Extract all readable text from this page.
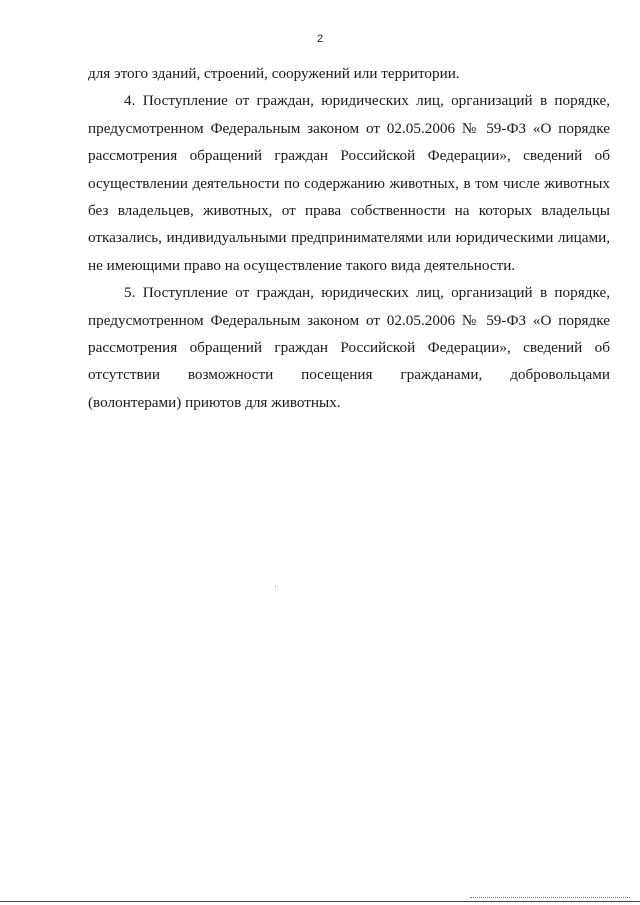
2

для этого зданий, строений, сооружений или территории.

4. Поступление от граждан, юридических лиц, организаций в порядке, предусмотренном Федеральным законом от 02.05.2006 № 59-ФЗ «О порядке рассмотрения обращений граждан Российской Федерации», сведений об осуществлении деятельности по содержанию животных, в том числе животных без владельцев, животных, от права собственности на которых владельцы отказались, индивидуальными предпринимателями или юридическими лицами, не имеющими право на осуществление такого вида деятельности.

5. Поступление от граждан, юридических лиц, организаций в порядке, предусмотренном Федеральным законом от 02.05.2006 № 59-ФЗ «О порядке рассмотрения обращений граждан Российской Федерации», сведений об отсутствии возможности посещения гражданами, добровольцами (волонтерами) приютов для животных.
